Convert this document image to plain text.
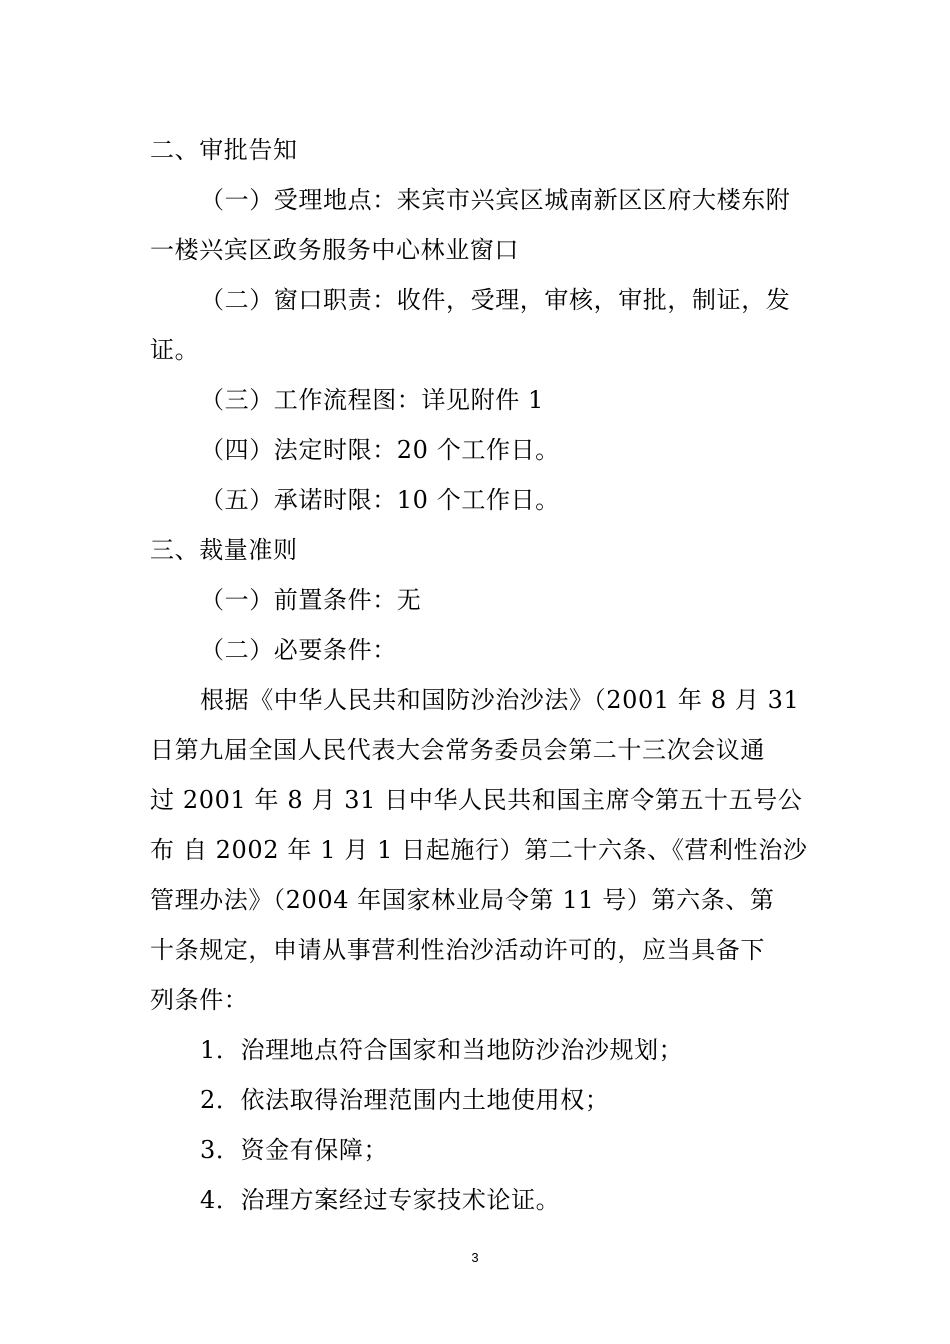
二、审批告知
（一）受理地点：来宾市兴宾区城南新区区府大楼东附
一楼兴宾区政务服务中心林业窗口
（二）窗口职责：收件，受理，审核，审批，制证，发
证。
（三）工作流程图：详见附件 1
（四）法定时限：20 个工作日。
（五）承诺时限：10 个工作日。
三、裁量准则
（一）前置条件：无
（二）必要条件：
根据《中华人民共和国防沙治沙法》（2001 年 8 月 31
日第九届全国人民代表大会常务委员会第二十三次会议通
过 2001 年 8 月 31 日中华人民共和国主席令第五十五号公
布 自 2002 年 1 月 1 日起施行）第二十六条、《营利性治沙
管理办法》（2004 年国家林业局令第 11 号）第六条、第
十条规定，申请从事营利性治沙活动许可的，应当具备下
列条件：
1．治理地点符合国家和当地防沙治沙规划；
2．依法取得治理范围内土地使用权；
3．资金有保障；
4．治理方案经过专家技术论证。
3
